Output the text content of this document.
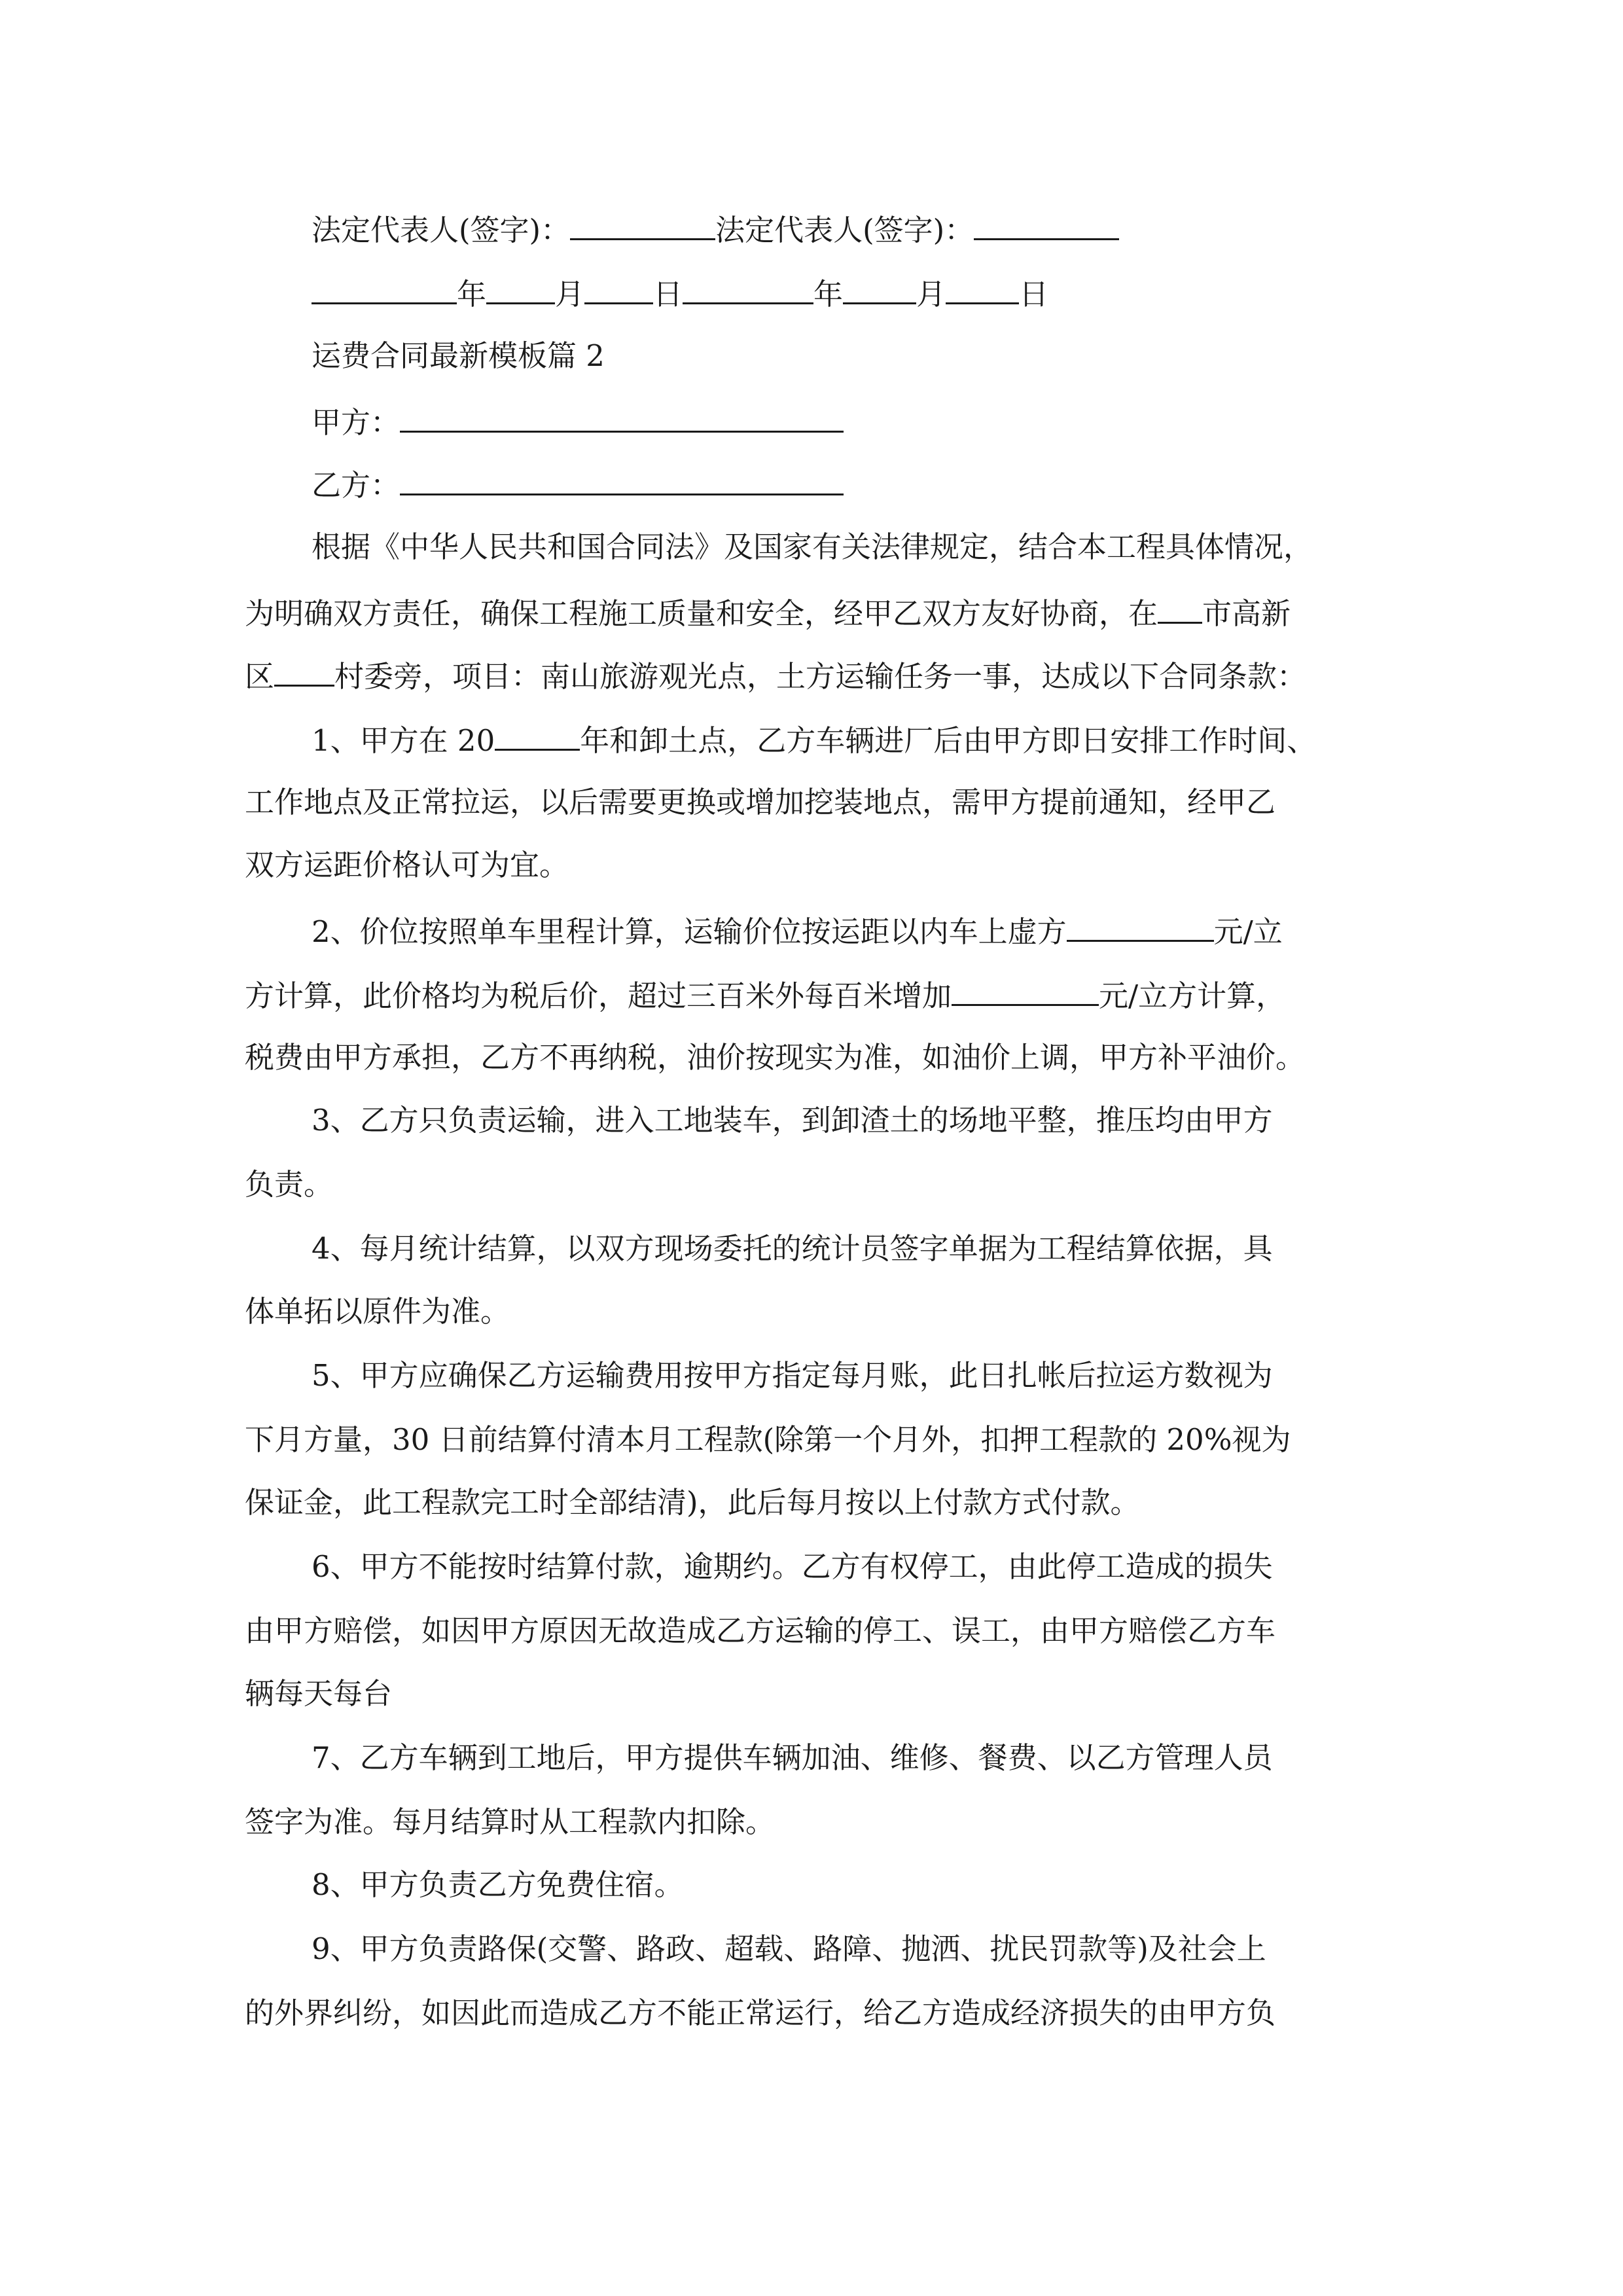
法定代表人(签字)：	法定代表人(签字)：
年 月 日	年 月 日
运费合同最新模板篇 2
甲方：
乙方：
根据《中华人民共和国合同法》及国家有关法律规定，结合本工程具体情况，
为明确双方责任，确保工程施工质量和安全，经甲乙双方友好协商，在 市高新
区 村委旁，项目：南山旅游观光点，土方运输任务一事，达成以下合同条款：
1、甲方在 20	年和卸土点，乙方车辆进厂后由甲方即日安排工作时间、
工作地点及正常拉运，以后需要更换或增加挖装地点，需甲方提前通知，经甲乙
双方运距价格认可为宜。
2、价位按照单车里程计算，运输价位按运距以内车上虚方	元/立
方计算，此价格均为税后价，超过三百米外每百米增加	元/立方计算，
税费由甲方承担，乙方不再纳税，油价按现实为准，如油价上调，甲方补平油价。
3、乙方只负责运输，进入工地装车，到卸渣土的场地平整，推压均由甲方
负责。
4、每月统计结算，以双方现场委托的统计员签字单据为工程结算依据，具
体单拓以原件为准。
5、甲方应确保乙方运输费用按甲方指定每月账，此日扎帐后拉运方数视为
下月方量，30 日前结算付清本月工程款(除第一个月外，扣押工程款的 20%视为
保证金，此工程款完工时全部结清)，此后每月按以上付款方式付款。
6、甲方不能按时结算付款，逾期约。乙方有权停工，由此停工造成的损失
由甲方赔偿，如因甲方原因无故造成乙方运输的停工、误工，由甲方赔偿乙方车
辆每天每台
7、乙方车辆到工地后，甲方提供车辆加油、维修、餐费、以乙方管理人员
签字为准。每月结算时从工程款内扣除。
8、甲方负责乙方免费住宿。
9、甲方负责路保(交警、路政、超载、路障、抛洒、扰民罚款等)及社会上
的外界纠纷，如因此而造成乙方不能正常运行，给乙方造成经济损失的由甲方负
